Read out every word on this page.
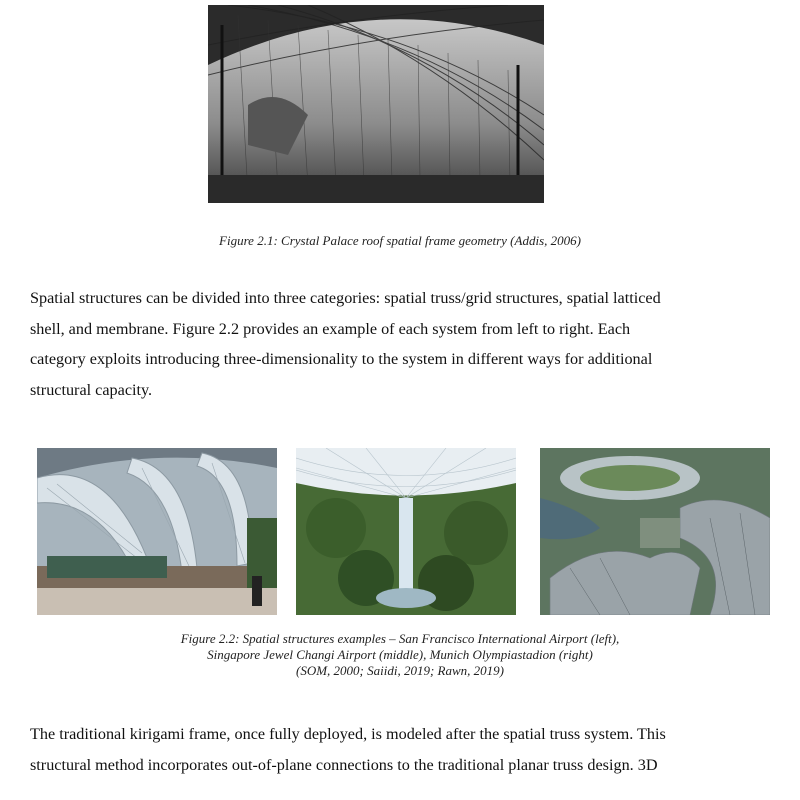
Figure 2.1: Crystal Palace roof spatial frame geometry (Addis, 2006)
Spatial structures can be divided into three categories: spatial truss/grid structures, spatial latticed
shell, and membrane. Figure 2.2 provides an example of each system from left to right. Each
category exploits introducing three-dimensionality to the system in different ways for additional
structural capacity.
Figure 2.2: Spatial structures examples – San Francisco International Airport (left),
Singapore Jewel Changi Airport (middle), Munich Olympiastadion (right)
(SOM, 2000; Saiidi, 2019; Rawn, 2019)
The traditional kirigami frame, once fully deployed, is modeled after the spatial truss system. This
structural method incorporates out-of-plane connections to the traditional planar truss design. 3D
